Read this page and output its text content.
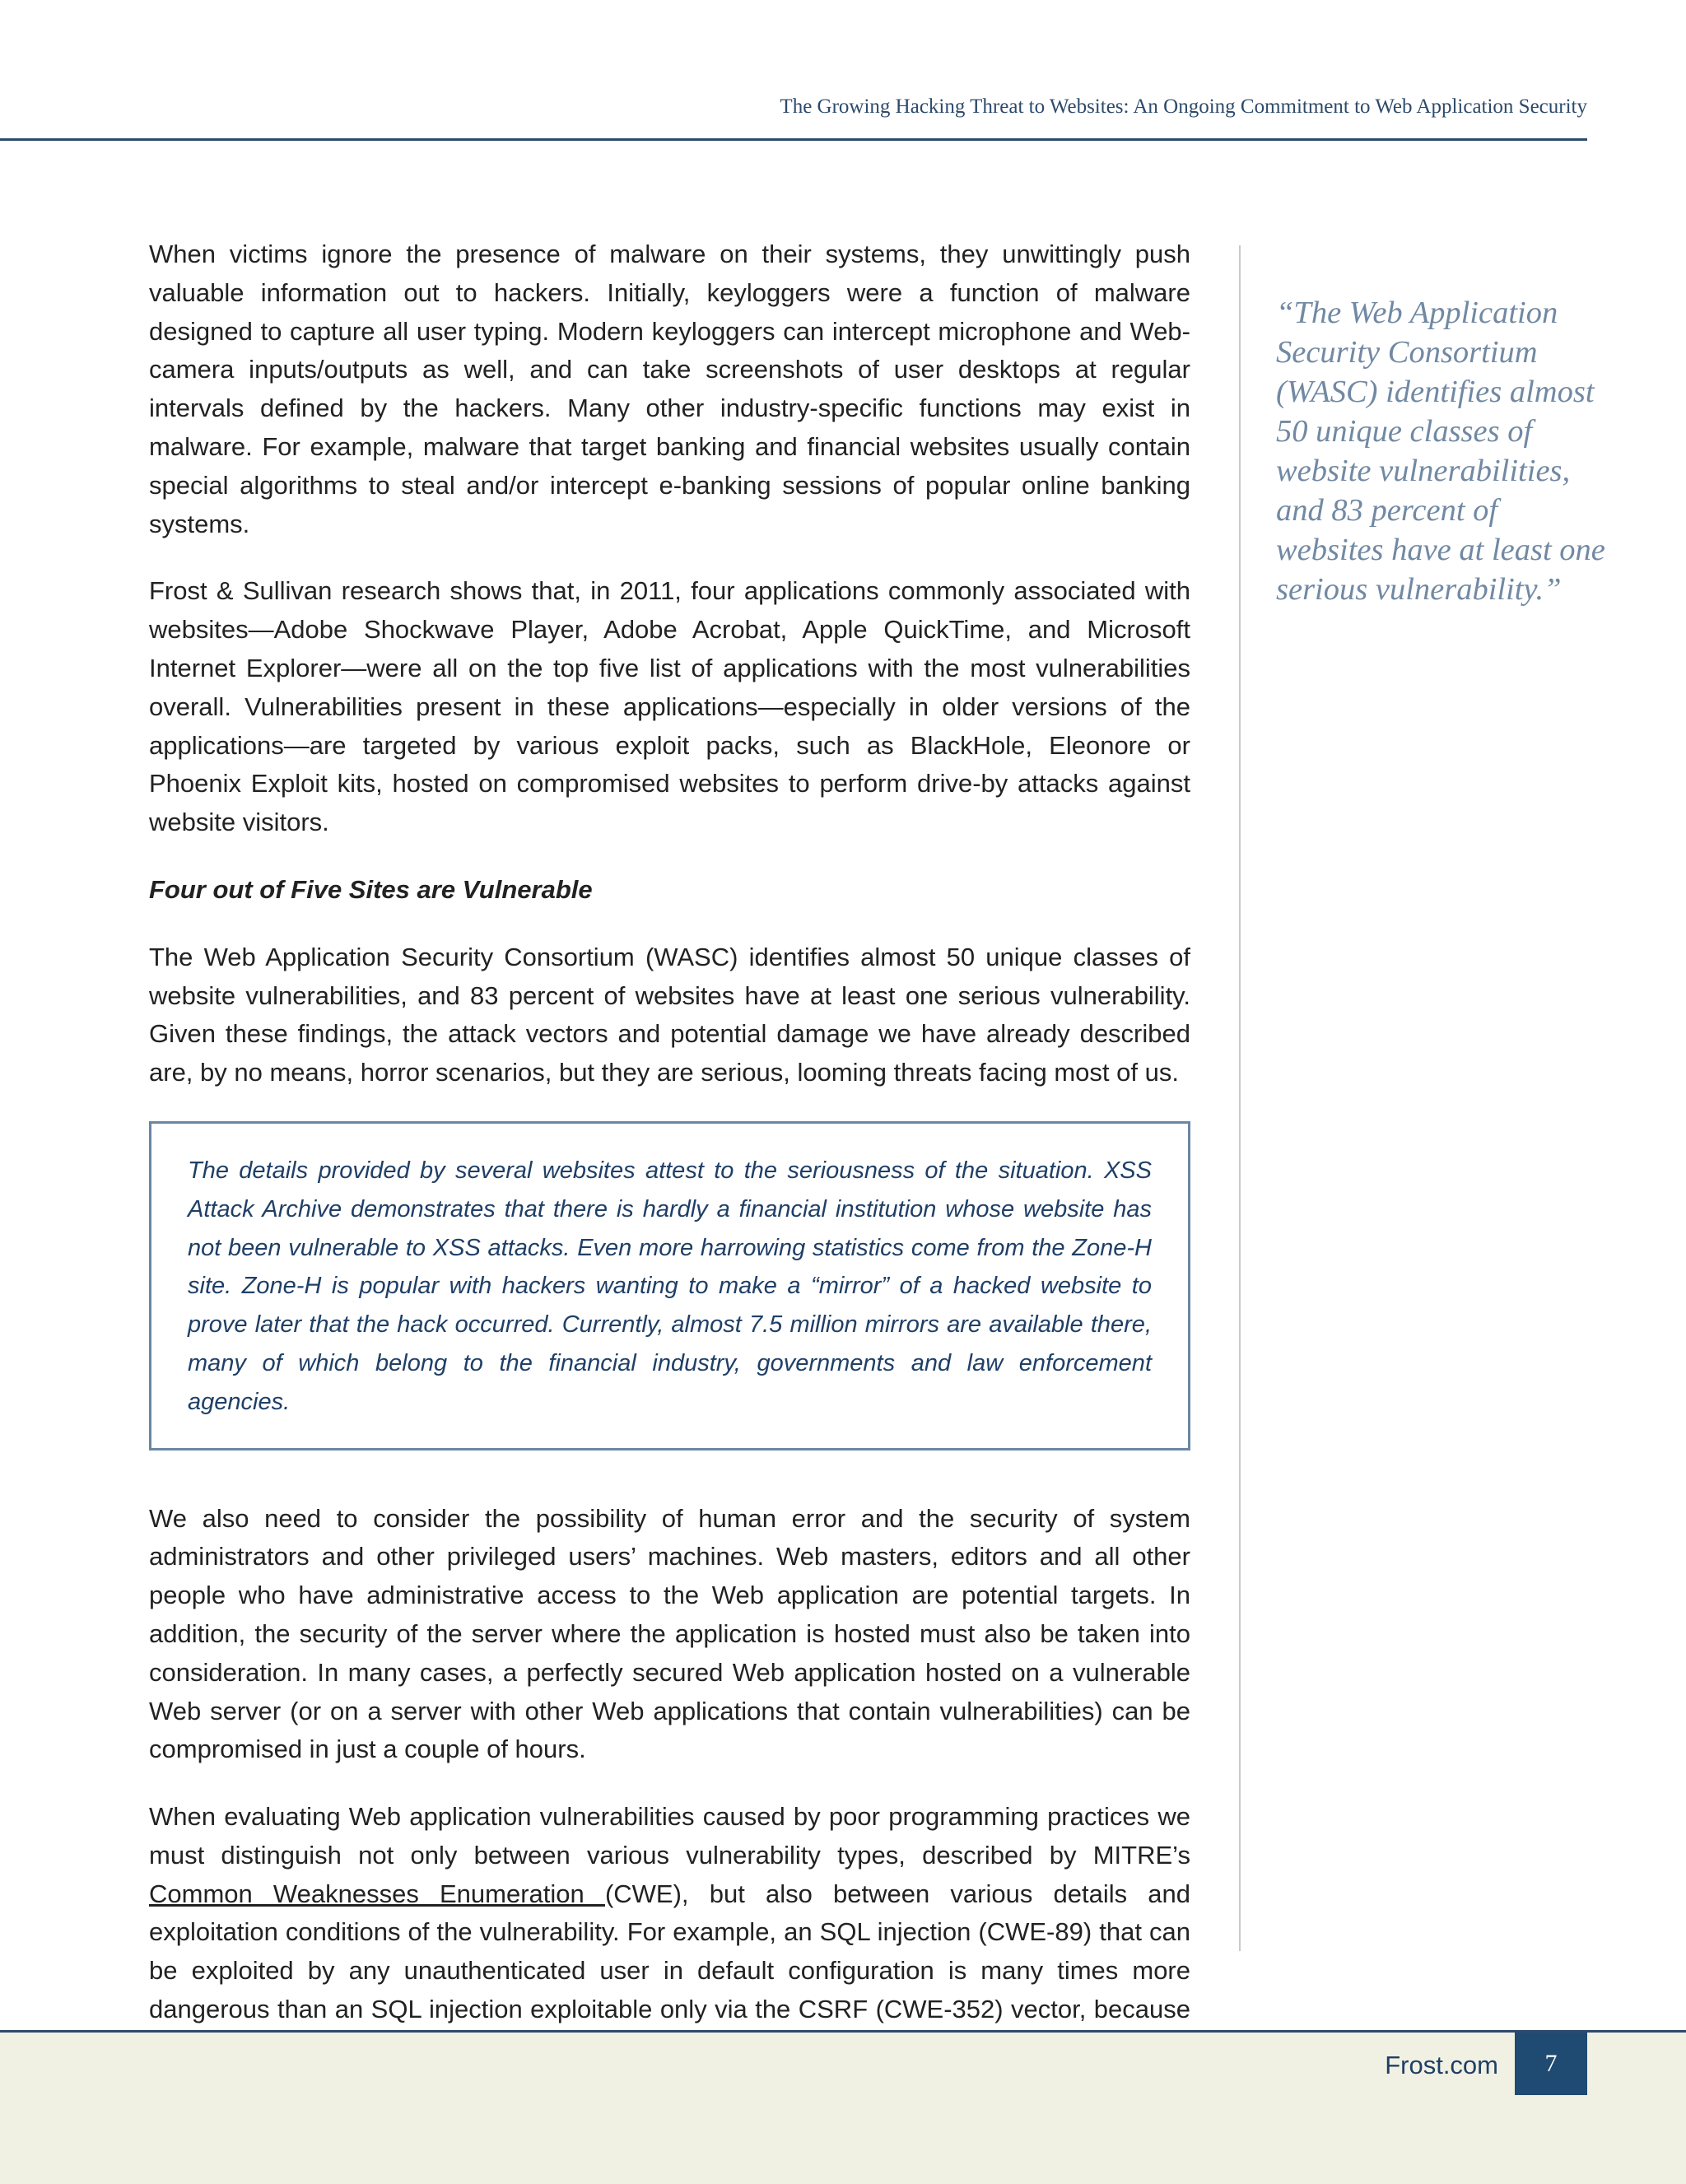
The Growing Hacking Threat to Websites: An Ongoing Commitment to Web Application Security

When victims ignore the presence of malware on their systems, they unwittingly push valuable information out to hackers. Initially, keyloggers were a function of malware designed to capture all user typing. Modern keyloggers can intercept microphone and Web-camera inputs/outputs as well, and can take screenshots of user desktops at regular intervals defined by the hackers. Many other industry-specific functions may exist in malware. For example, malware that target banking and financial websites usually contain special algorithms to steal and/or intercept e-banking sessions of popular online banking systems.

Frost & Sullivan research shows that, in 2011, four applications commonly associated with websites—Adobe Shockwave Player, Adobe Acrobat, Apple QuickTime, and Microsoft Internet Explorer—were all on the top five list of applications with the most vulnerabilities overall. Vulnerabilities present in these applications—especially in older versions of the applications—are targeted by various exploit packs, such as BlackHole, Eleonore or Phoenix Exploit kits, hosted on compromised websites to perform drive-by attacks against website visitors.

Four out of Five Sites are Vulnerable

The Web Application Security Consortium (WASC) identifies almost 50 unique classes of website vulnerabilities, and 83 percent of websites have at least one serious vulnerability. Given these findings, the attack vectors and potential damage we have already described are, by no means, horror scenarios, but they are serious, looming threats facing most of us.

The details provided by several websites attest to the seriousness of the situation. XSS Attack Archive demonstrates that there is hardly a financial institution whose website has not been vulnerable to XSS attacks. Even more harrowing statistics come from the Zone-H site. Zone-H is popular with hackers wanting to make a “mirror” of a hacked website to prove later that the hack occurred. Currently, almost 7.5 million mirrors are available there, many of which belong to the financial industry, governments and law enforcement agencies.

We also need to consider the possibility of human error and the security of system administrators and other privileged users’ machines. Web masters, editors and all other people who have administrative access to the Web application are potential targets. In addition, the security of the server where the application is hosted must also be taken into consideration. In many cases, a perfectly secured Web application hosted on a vulnerable Web server (or on a server with other Web applications that contain vulnerabilities) can be compromised in just a couple of hours.

When evaluating Web application vulnerabilities caused by poor programming practices we must distinguish not only between various vulnerability types, described by MITRE’s Common Weaknesses Enumeration (CWE), but also between various details and exploitation conditions of the vulnerability. For example, an SQL injection (CWE-89) that can be exploited by any unauthenticated user in default configuration is many times more dangerous than an SQL injection exploitable only via the CSRF (CWE-352) vector, because

“The Web Application Security Consortium (WASC) identifies almost 50 unique classes of website vulnerabilities, and 83 percent of websites have at least one serious vulnerability.”
Frost.com	7
